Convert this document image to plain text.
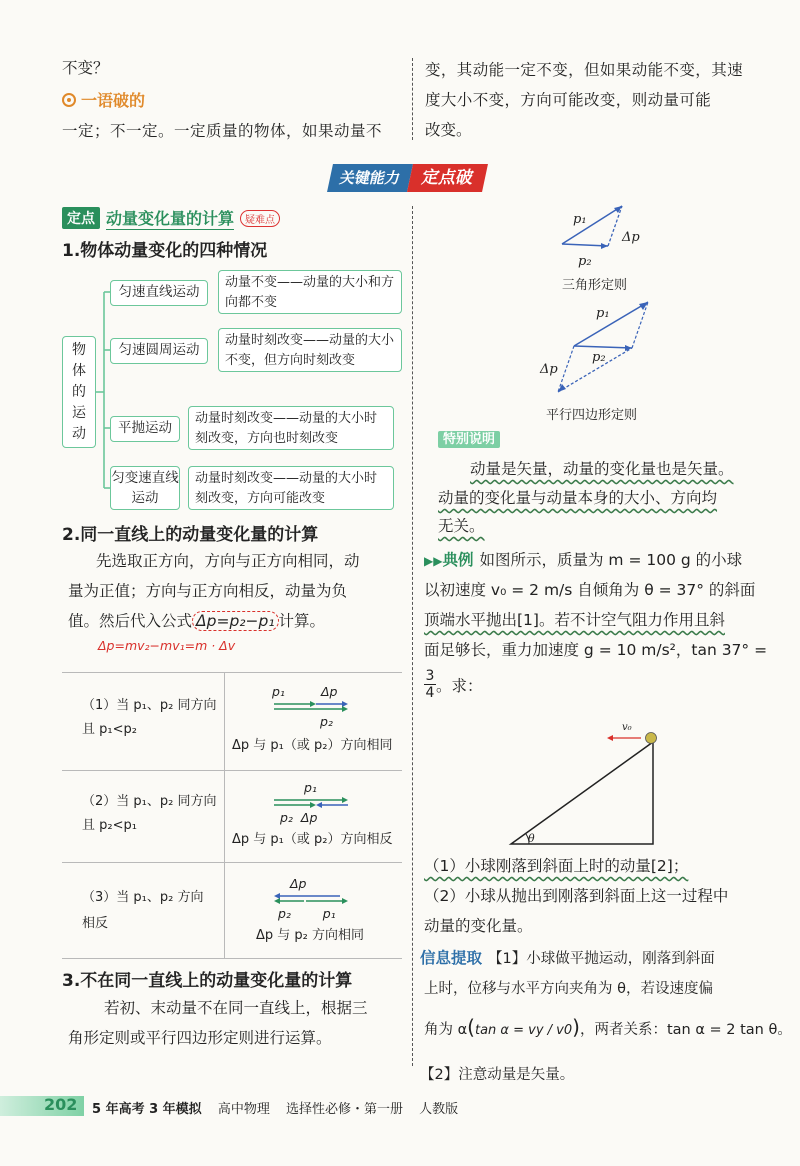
不变？
一语破的
一定；不一定。一定质量的物体，如果动量不
变，其动能一定不变，但如果动能不变，其速
度大小不变，方向可能改变，则动量可能
改变。
关键能力	定点破
定点 动量变化量的计算	疑难点
1.物体动量变化的四种情况
物
体
的
运
动
匀速直线运动
动量不变——动量的大小和方向都不变
匀速圆周运动
动量时刻改变——动量的大小不变，但方向时刻改变
平抛运动
动量时刻改变——动量的大小时刻改变，方向也时刻改变
匀变速直线运动
动量时刻改变——动量的大小时刻改变，方向可能改变
2.同一直线上的动量变化量的计算
先选取正方向，方向与正方向相同，动
量为正值；方向与正方向相反，动量为负
值。然后代入公式 Δp=p₂−p₁ 计算。
Δp=mv₂−mv₁=m · Δv
（1）当 p₁、p₂ 同方向
且 p₁<p₂
p₁	Δp
p₂
Δp 与 p₁（或 p₂）方向相同
（2）当 p₁、p₂ 同方向
且 p₂<p₁
p₁
p₂  Δp
Δp 与 p₁（或 p₂）方向相反
（3）当 p₁、p₂ 方向
相反
Δp
p₂        p₁
Δp 与 p₂ 方向相同
3.不在同一直线上的动量变化量的计算
若初、末动量不在同一直线上，根据三
角形定则或平行四边形定则进行运算。
p₁
Δp
p₂
三角形定则
p₁
p₂
Δp
平行四边形定则
特别说明
动量是矢量，动量的变化量也是矢量。
动量的变化量与动量本身的大小、方向均
无关。
▶▶典例 如图所示，质量为 m = 100 g 的小球
以初速度 v₀ = 2 m/s 自倾角为 θ = 37° 的斜面
顶端水平抛出[1]。若不计空气阻力作用且斜
面足够长，重力加速度 g = 10 m/s²，tan 37° =
3
4 。求：
v₀
θ
（1）小球刚落到斜面上时的动量[2]；
（2）小球从抛出到刚落到斜面上这一过程中
动量的变化量。
信息提取 【1】小球做平抛运动，刚落到斜面
上时，位移与水平方向夹角为 θ，若设速度偏
角为 α(tan α = vy / v0)，两者关系：tan α = 2 tan θ。
【2】注意动量是矢量。
202 5 年高考 3 年模拟 高中物理 选择性必修・第一册 人教版
